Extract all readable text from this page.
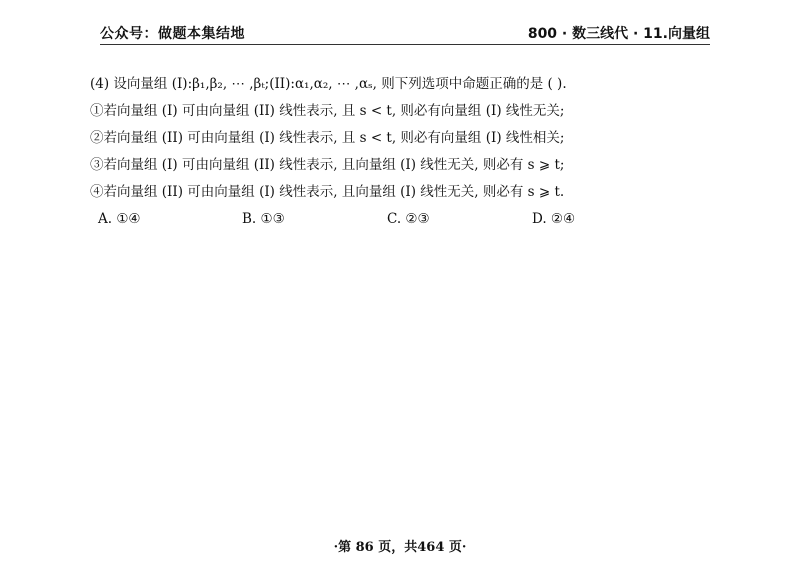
公众号：做题本集结地	800 · 数三线代 · 11.向量组
(4) 设向量组 (I):β₁,β₂, ⋯ ,βₜ;(II):α₁,α₂, ⋯ ,αₛ, 则下列选项中命题正确的是 ( ).
①若向量组 (I) 可由向量组 (II) 线性表示, 且 s < t, 则必有向量组 (I) 线性无关;
②若向量组 (II) 可由向量组 (I) 线性表示, 且 s < t, 则必有向量组 (I) 线性相关;
③若向量组 (I) 可由向量组 (II) 线性表示, 且向量组 (I) 线性无关, 则必有 s ⩾ t;
④若向量组 (II) 可由向量组 (I) 线性表示, 且向量组 (I) 线性无关, 则必有 s ⩾ t.
A. ①④	B. ①③	C. ②③	D. ②④
·第 86 页，共464 页·
